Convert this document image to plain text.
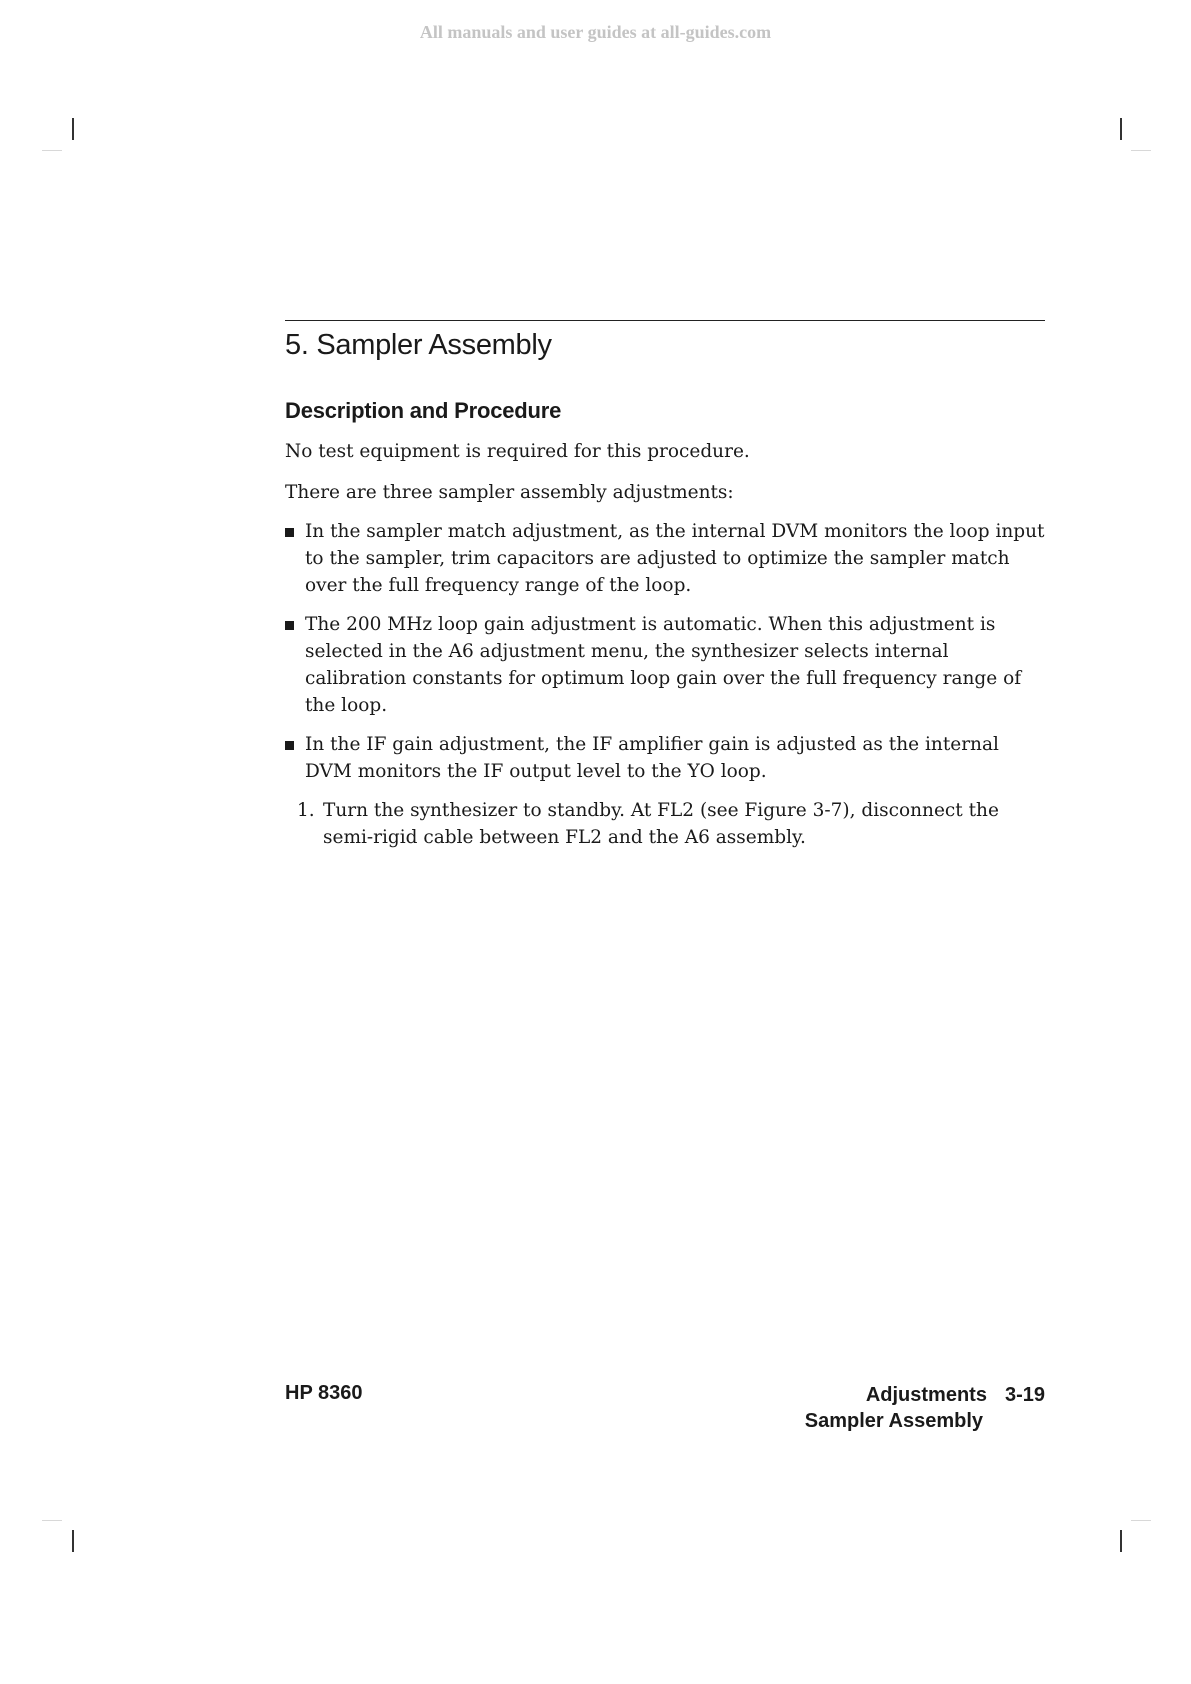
All manuals and user guides at all-guides.com
5. Sampler Assembly
Description and Procedure

No test equipment is required for this procedure.

There are three sampler assembly adjustments:

In the sampler match adjustment, as the internal DVM monitors the loop input to the sampler, trim capacitors are adjusted to optimize the sampler match over the full frequency range of the loop.
The 200 MHz loop gain adjustment is automatic. When this adjustment is selected in the A6 adjustment menu, the synthesizer selects internal calibration constants for optimum loop gain over the full frequency range of the loop.
In the IF gain adjustment, the IF amplifier gain is adjusted as the internal DVM monitors the IF output level to the YO loop.
1. Turn the synthesizer to standby. At FL2 (see Figure 3-7), disconnect the semi-rigid cable between FL2 and the A6 assembly.
HP 8360	Adjustments 3-19
Sampler Assembly
